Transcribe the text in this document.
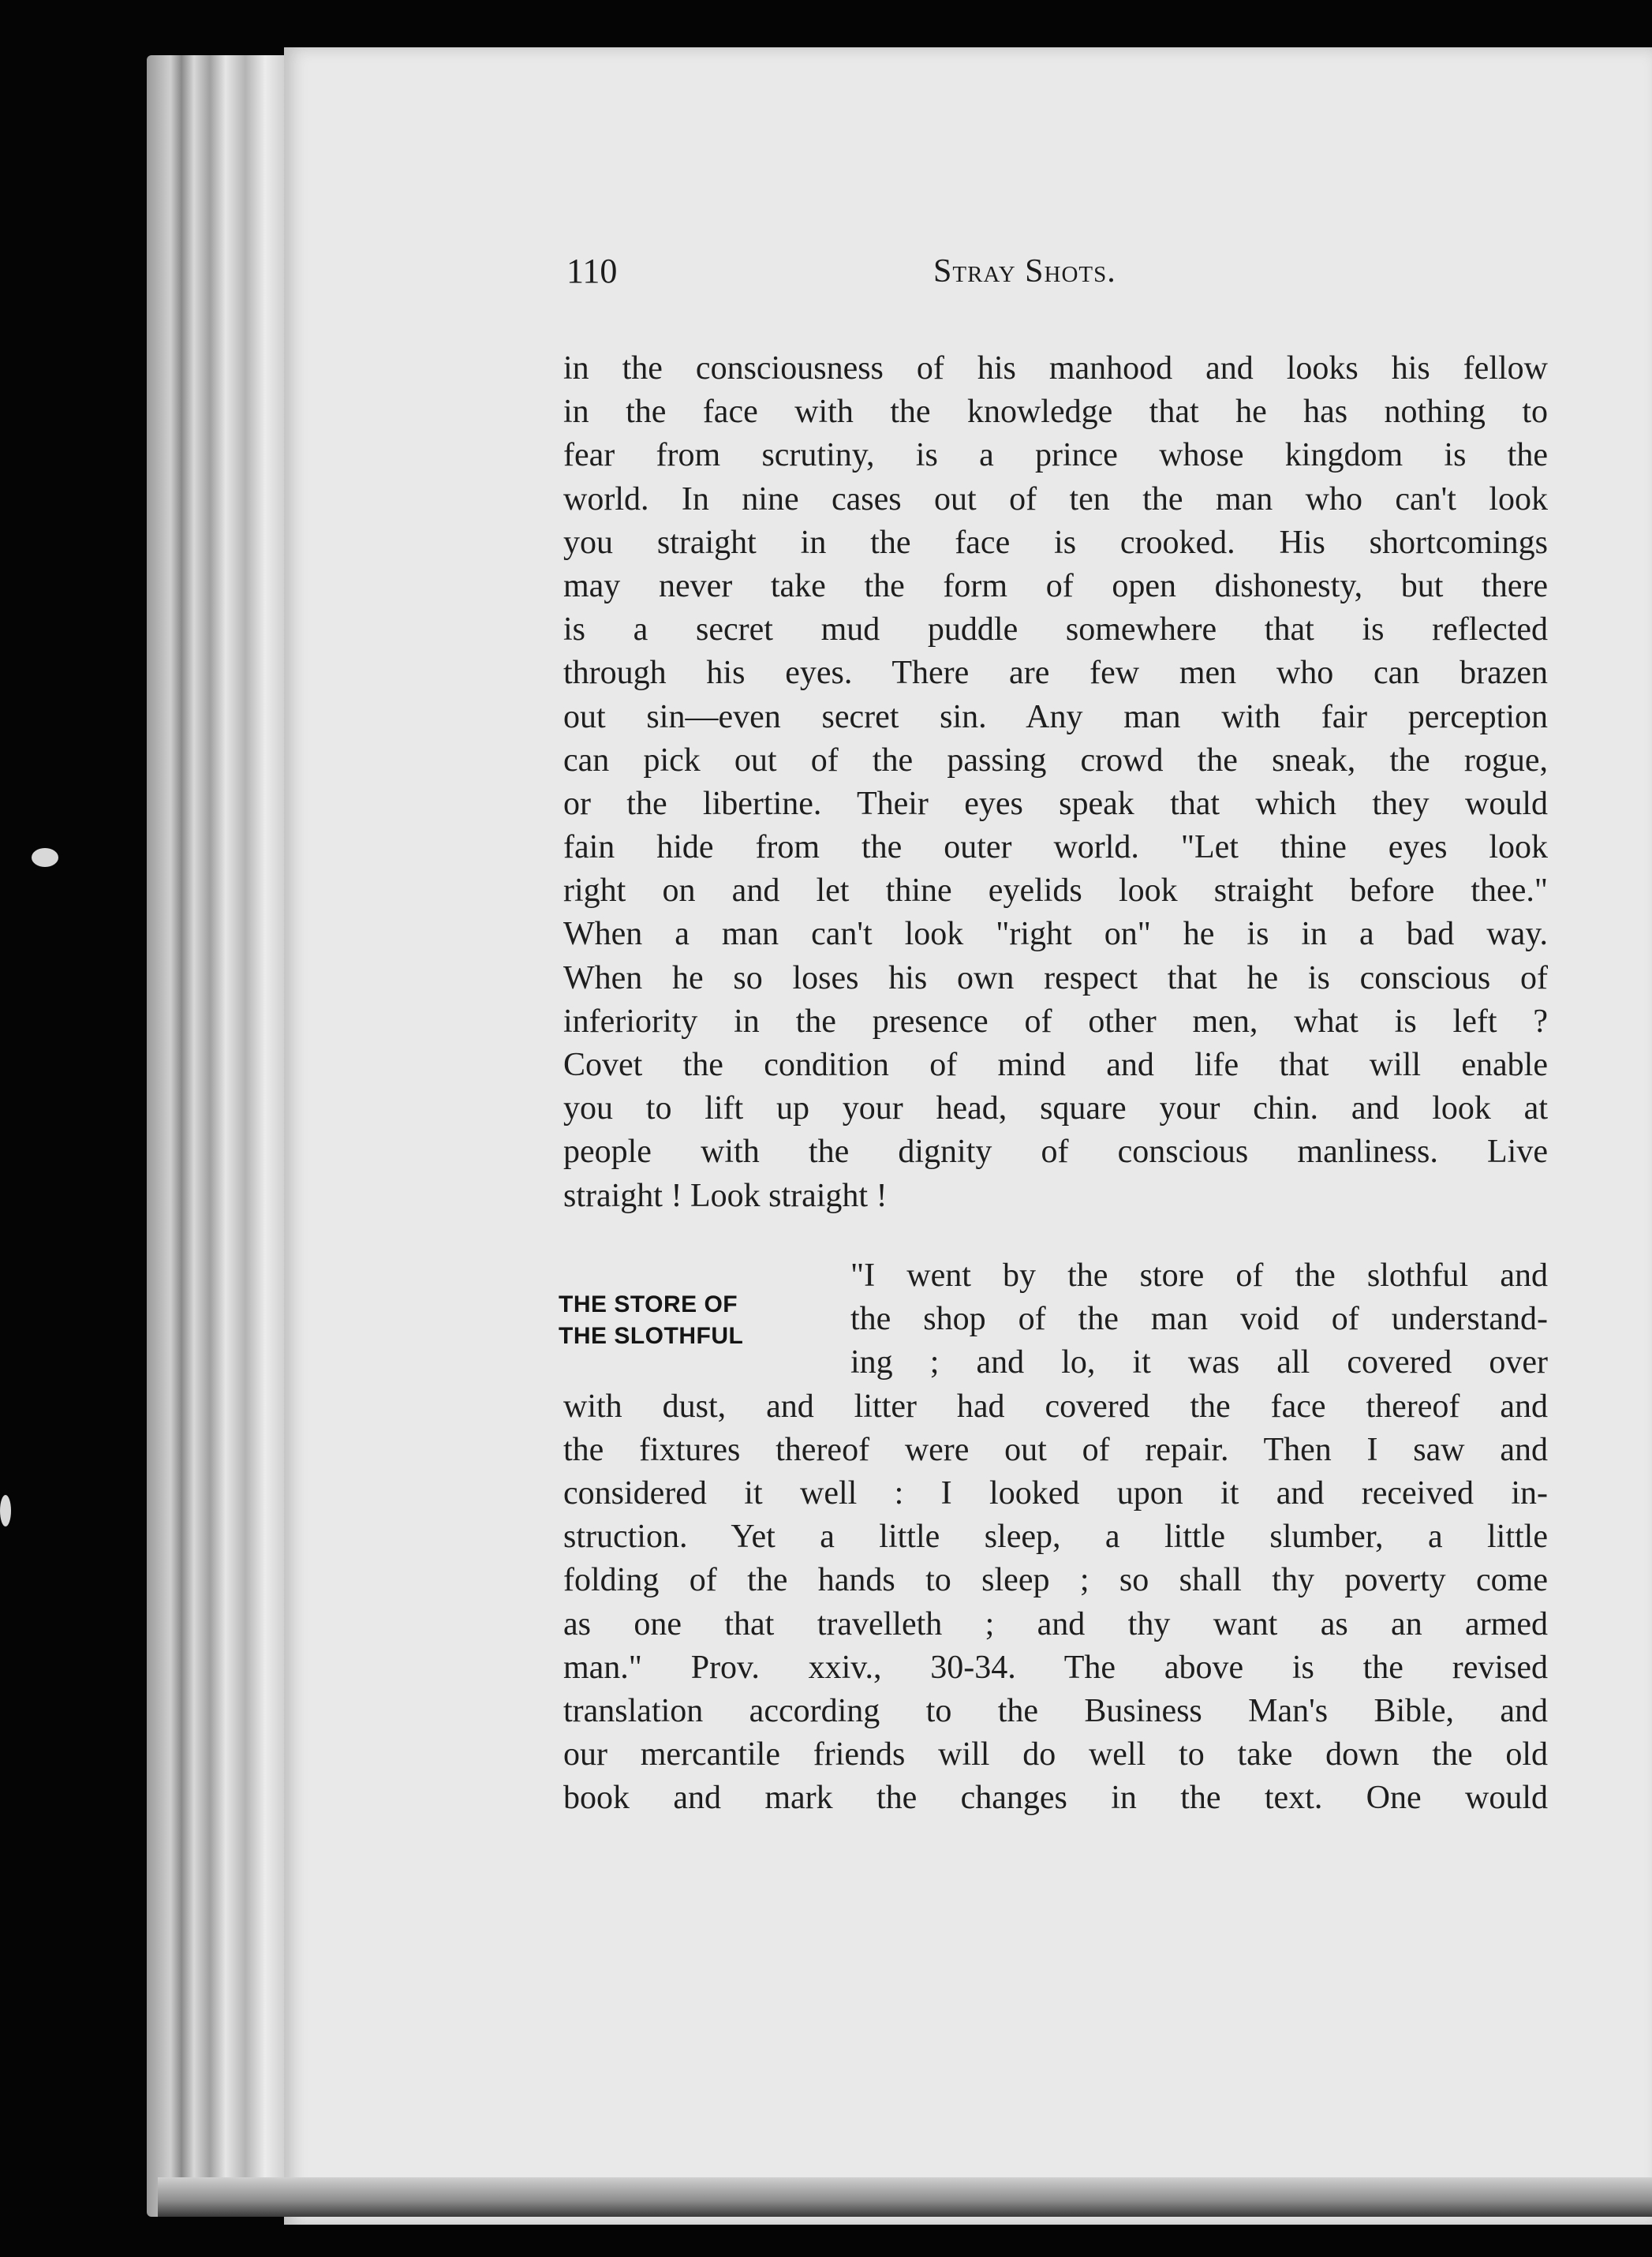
110	Stray Shots.
in the consciousness of his manhood and looks his fellow
in the face with the knowledge that he has nothing to
fear from scrutiny, is a prince whose kingdom is the
world. In nine cases out of ten the man who can't look
you straight in the face is crooked. His shortcomings
may never take the form of open dishonesty, but there
is a secret mud puddle somewhere that is reflected
through his eyes. There are few men who can brazen
out sin—even secret sin. Any man with fair perception
can pick out of the passing crowd the sneak, the rogue,
or the libertine. Their eyes speak that which they would
fain hide from the outer world. "Let thine eyes look
right on and let thine eyelids look straight before thee."
When a man can't look "right on" he is in a bad way.
When he so loses his own respect that he is conscious of
inferiority in the presence of other men, what is left ?
Covet the condition of mind and life that will enable
you to lift up your head, square your chin. and look at
people with the dignity of conscious manliness. Live
straight ! Look straight !
THE STORE OF
THE SLOTHFUL
"I went by the store of the slothful and
the shop of the man void of understand-
ing ; and lo, it was all covered over
with dust, and litter had covered the face thereof and
the fixtures thereof were out of repair. Then I saw and
considered it well : I looked upon it and received in-
struction. Yet a little sleep, a little slumber, a little
folding of the hands to sleep ; so shall thy poverty come
as one that travelleth ; and thy want as an armed
man." Prov. xxiv., 30-34. The above is the revised
translation according to the Business Man's Bible, and
our mercantile friends will do well to take down the old
book and mark the changes in the text. One would
